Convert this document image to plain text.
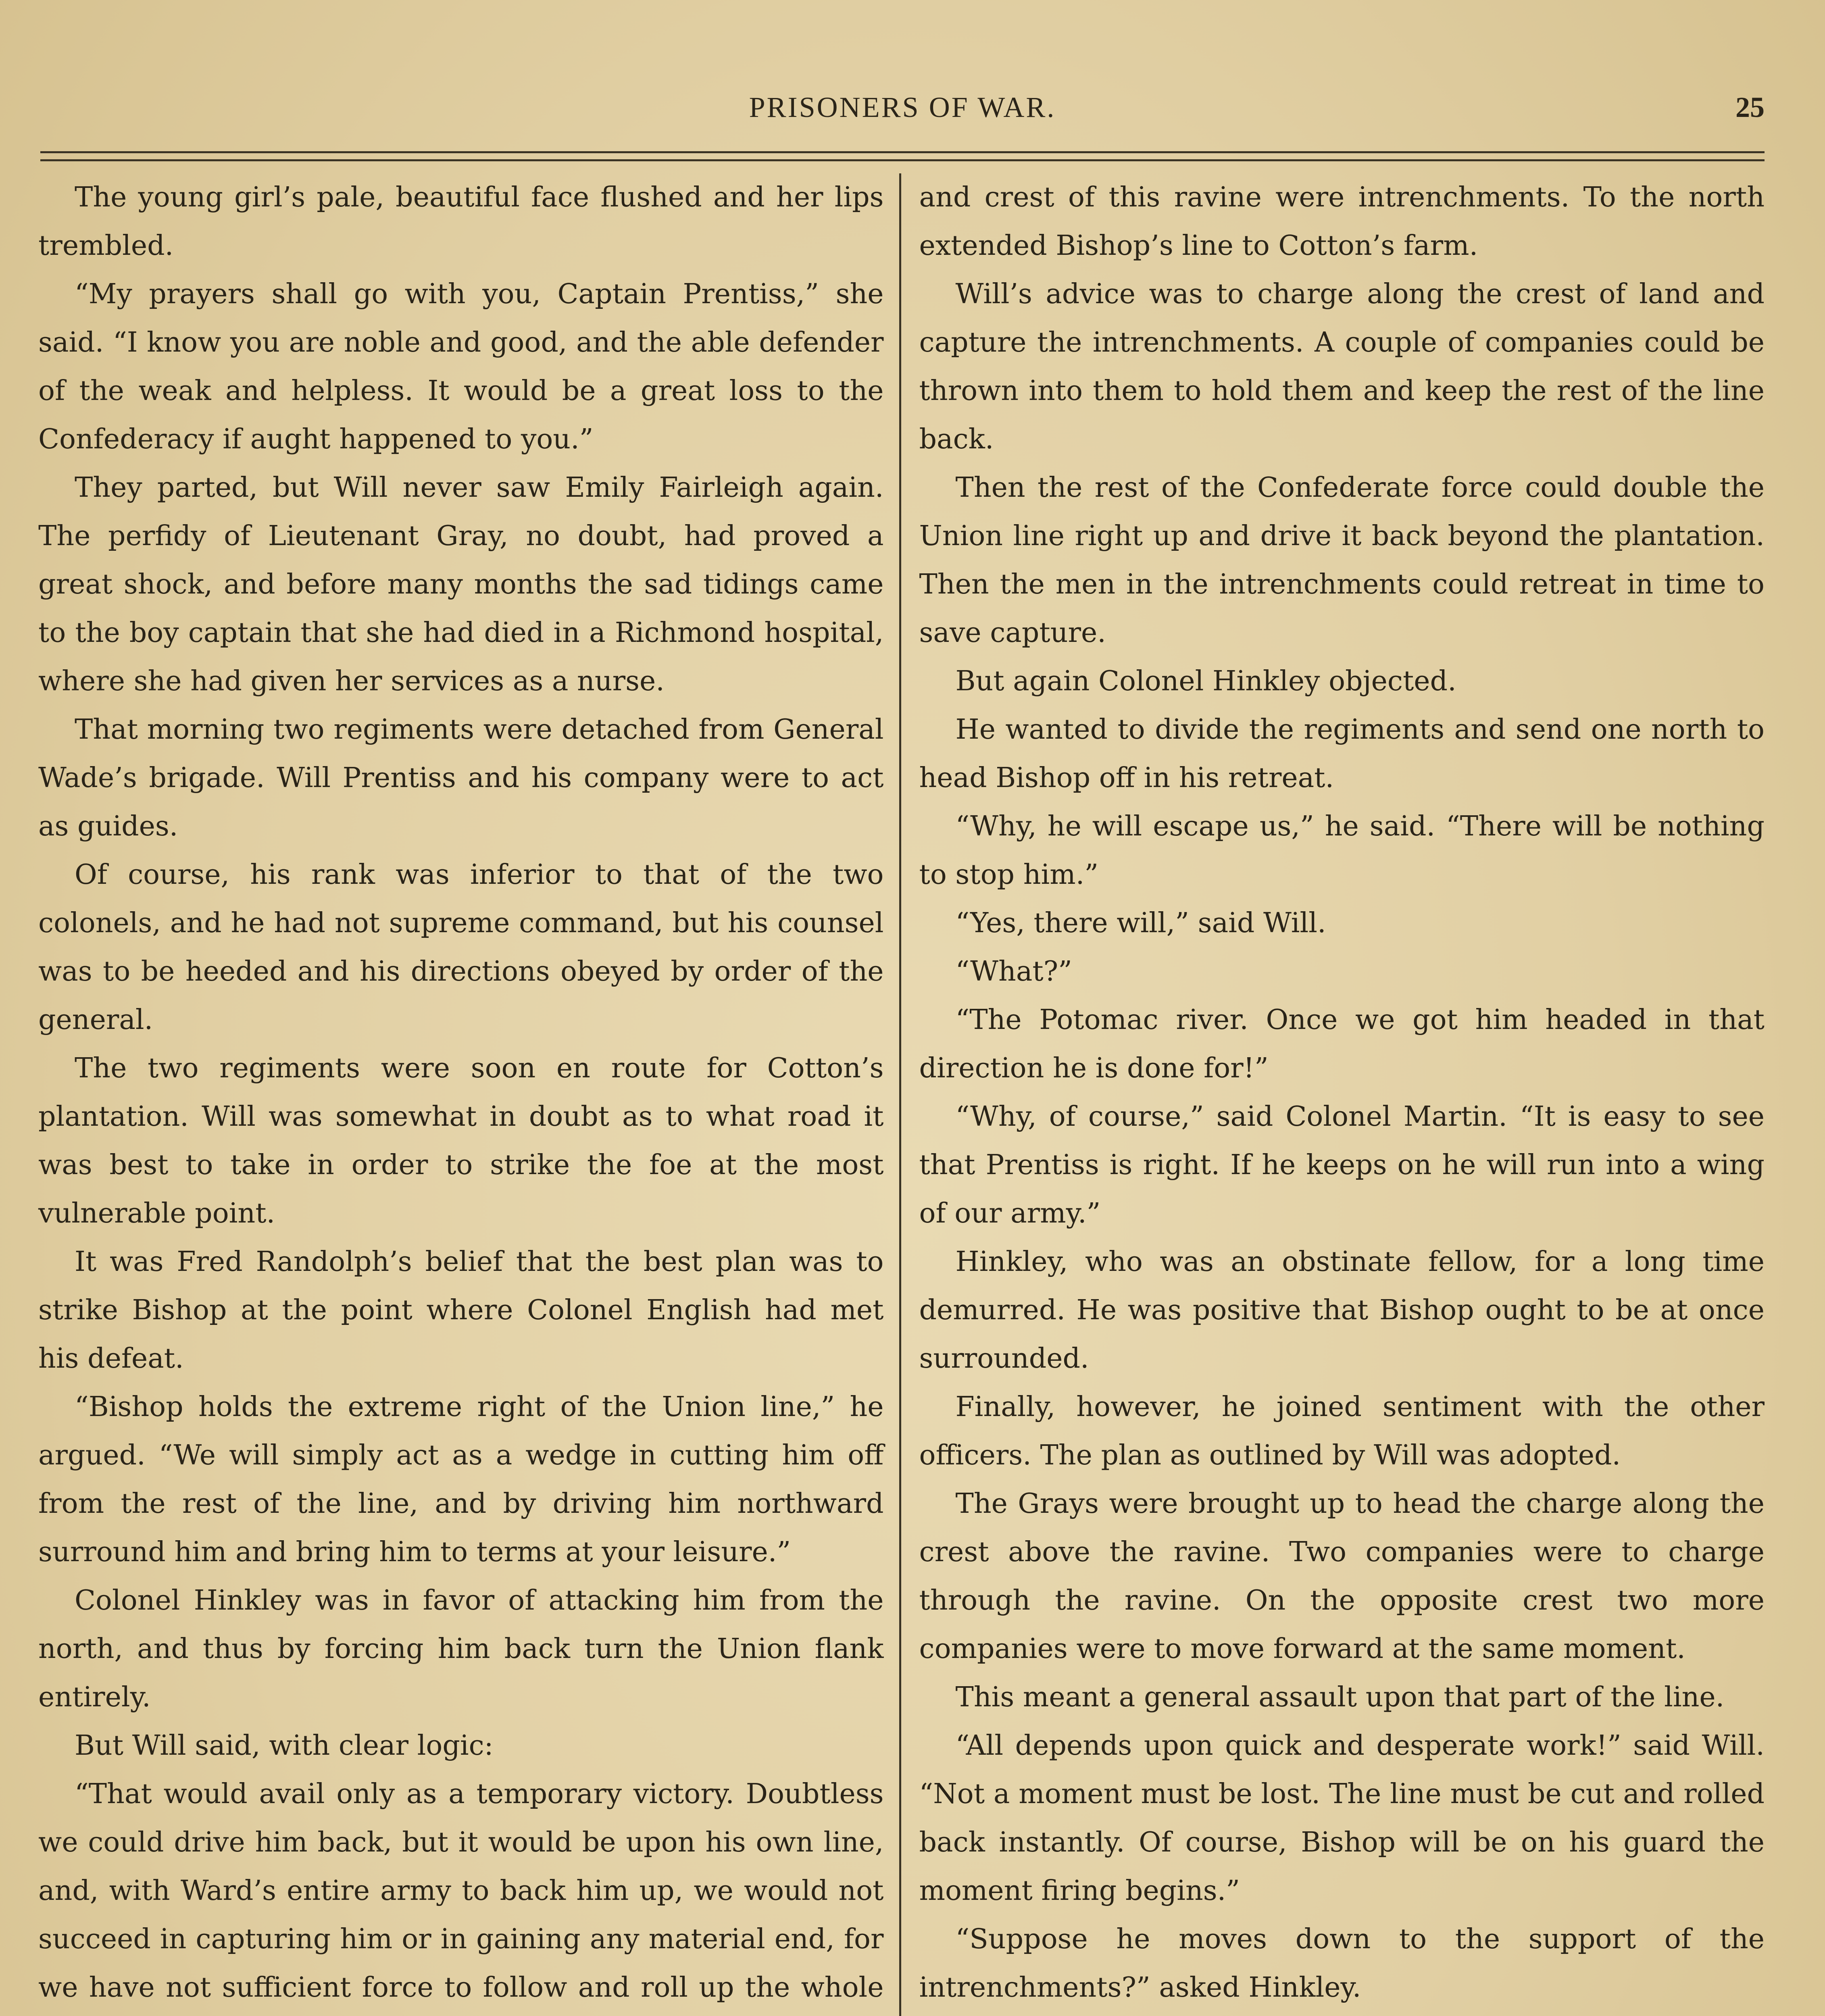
PRISONERS OF WAR.	25

The young girl’s pale, beautiful face flushed and her lips trembled.

“My prayers shall go with you, Captain Prentiss,” she said. “I know you are noble and good, and the able defender of the weak and helpless. It would be a great loss to the Confederacy if aught happened to you.”

They parted, but Will never saw Emily Fairleigh again. The perfidy of Lieutenant Gray, no doubt, had proved a great shock, and before many months the sad tidings came to the boy captain that she had died in a Richmond hospital, where she had given her services as a nurse.

That morning two regiments were detached from General Wade’s brigade. Will Prentiss and his company were to act as guides.

Of course, his rank was inferior to that of the two colonels, and he had not supreme command, but his counsel was to be heeded and his directions obeyed by order of the general.

The two regiments were soon en route for Cotton’s plantation. Will was somewhat in doubt as to what road it was best to take in order to strike the foe at the most vulnerable point.

It was Fred Randolph’s belief that the best plan was to strike Bishop at the point where Colonel English had met his defeat.

“Bishop holds the extreme right of the Union line,” he argued. “We will simply act as a wedge in cutting him off from the rest of the line, and by driving him northward surround him and bring him to terms at your leisure.”

Colonel Hinkley was in favor of attacking him from the north, and thus by forcing him back turn the Union flank entirely.

But Will said, with clear logic:

“That would avail only as a temporary victory. Doubtless we could drive him back, but it would be upon his own line, and, with Ward’s entire army to back him up, we would not succeed in capturing him or in gaining any material end, for we have not sufficient force to follow and roll up the whole

and crest of this ravine were intrenchments. To the north extended Bishop’s line to Cotton’s farm.

Will’s advice was to charge along the crest of land and capture the intrenchments. A couple of companies could be thrown into them to hold them and keep the rest of the line back.

Then the rest of the Confederate force could double the Union line right up and drive it back beyond the plantation. Then the men in the intrenchments could retreat in time to save capture.

But again Colonel Hinkley objected.

He wanted to divide the regiments and send one north to head Bishop off in his retreat.

“Why, he will escape us,” he said. “There will be nothing to stop him.”

“Yes, there will,” said Will.

“What?”

“The Potomac river. Once we got him headed in that direction he is done for!”

“Why, of course,” said Colonel Martin. “It is easy to see that Prentiss is right. If he keeps on he will run into a wing of our army.”

Hinkley, who was an obstinate fellow, for a long time demurred. He was positive that Bishop ought to be at once surrounded.

Finally, however, he joined sentiment with the other officers. The plan as outlined by Will was adopted.

The Grays were brought up to head the charge along the crest above the ravine. Two companies were to charge through the ravine. On the opposite crest two more companies were to move forward at the same moment.

This meant a general assault upon that part of the line.

“All depends upon quick and desperate work!” said Will. “Not a moment must be lost. The line must be cut and rolled back instantly. Of course, Bishop will be on his guard the moment firing begins.”

“Suppose he moves down to the support of the intrenchments?” asked Hinkley.
